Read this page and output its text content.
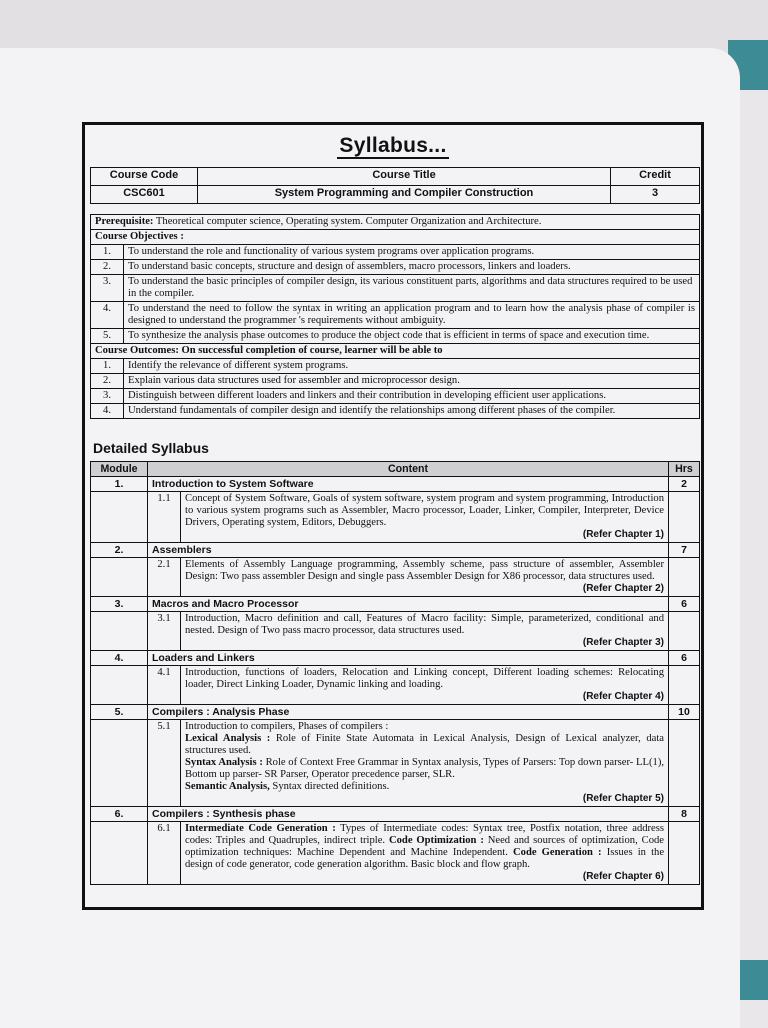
Syllabus...
Course Code	Course Title	Credit
CSC601	System Programming and Compiler Construction	3
Prerequisite: Theoretical computer science, Operating system. Computer Organization and Architecture.	
Course Objectives :	
1.	To understand the role and functionality of various system programs over application programs.
2.	To understand basic concepts, structure and design of assemblers, macro processors, linkers and loaders.
3.	To understand the basic principles of compiler design, its various constituent parts, algorithms and data structures required to be used in the compiler.
4.	To understand the need to follow the syntax in writing an application program and to learn how the analysis phase of compiler is designed to understand the programmer 's requirements without ambiguity.
5.	To synthesize the analysis phase outcomes to produce the object code that is efficient in terms of space and execution time.
Course Outcomes: On successful completion of course, learner will be able to	
1.	Identify the relevance of different system programs.
2.	Explain various data structures used for assembler and microprocessor design.
3.	Distinguish between different loaders and linkers and their contribution in developing efficient user applications.
4.	Understand fundamentals of compiler design and identify the relationships among different phases of the compiler.
Detailed Syllabus
Module	Content		Hrs
1.	Introduction to System Software		2
	1.1	Concept of System Software, Goals of system software, system program and system programming, Introduction to various system programs such as Assembler, Macro processor, Loader, Linker, Compiler, Interpreter, Device Drivers, Operating system, Editors, Debuggers.
(Refer Chapter 1)	

2.	Assemblers		7
	2.1	Elements of Assembly Language programming, Assembly scheme, pass structure of assembler, Assembler Design: Two pass assembler Design and single pass Assembler Design for X86 processor, data structures used.
(Refer Chapter 2)	

3.	Macros and Macro Processor		6
	3.1	Introduction, Macro definition and call, Features of Macro facility: Simple, parameterized, conditional and nested. Design of Two pass macro processor, data structures used.
(Refer Chapter 3)	

4.	Loaders and Linkers		6
	4.1	Introduction, functions of loaders, Relocation and Linking concept, Different loading schemes: Relocating loader, Direct Linking Loader, Dynamic linking and loading.
(Refer Chapter 4)	

5.	Compilers : Analysis Phase		10
	5.1	Introduction to compilers, Phases of compilers :
Lexical Analysis : Role of Finite State Automata in Lexical Analysis, Design of Lexical analyzer, data structures used.
Syntax Analysis : Role of Context Free Grammar in Syntax analysis, Types of Parsers: Top down parser- LL(1), Bottom up parser- SR Parser, Operator precedence parser, SLR.
Semantic Analysis, Syntax directed definitions.
(Refer Chapter 5)	

6.	Compilers : Synthesis phase		8
	6.1	Intermediate Code Generation : Types of Intermediate codes: Syntax tree, Postfix notation, three address codes: Triples and Quadruples, indirect triple. Code Optimization : Need and sources of optimization, Code optimization techniques: Machine Dependent and Machine Independent. Code Generation : Issues in the design of code generator, code generation algorithm. Basic block and flow graph.
(Refer Chapter 6)	
